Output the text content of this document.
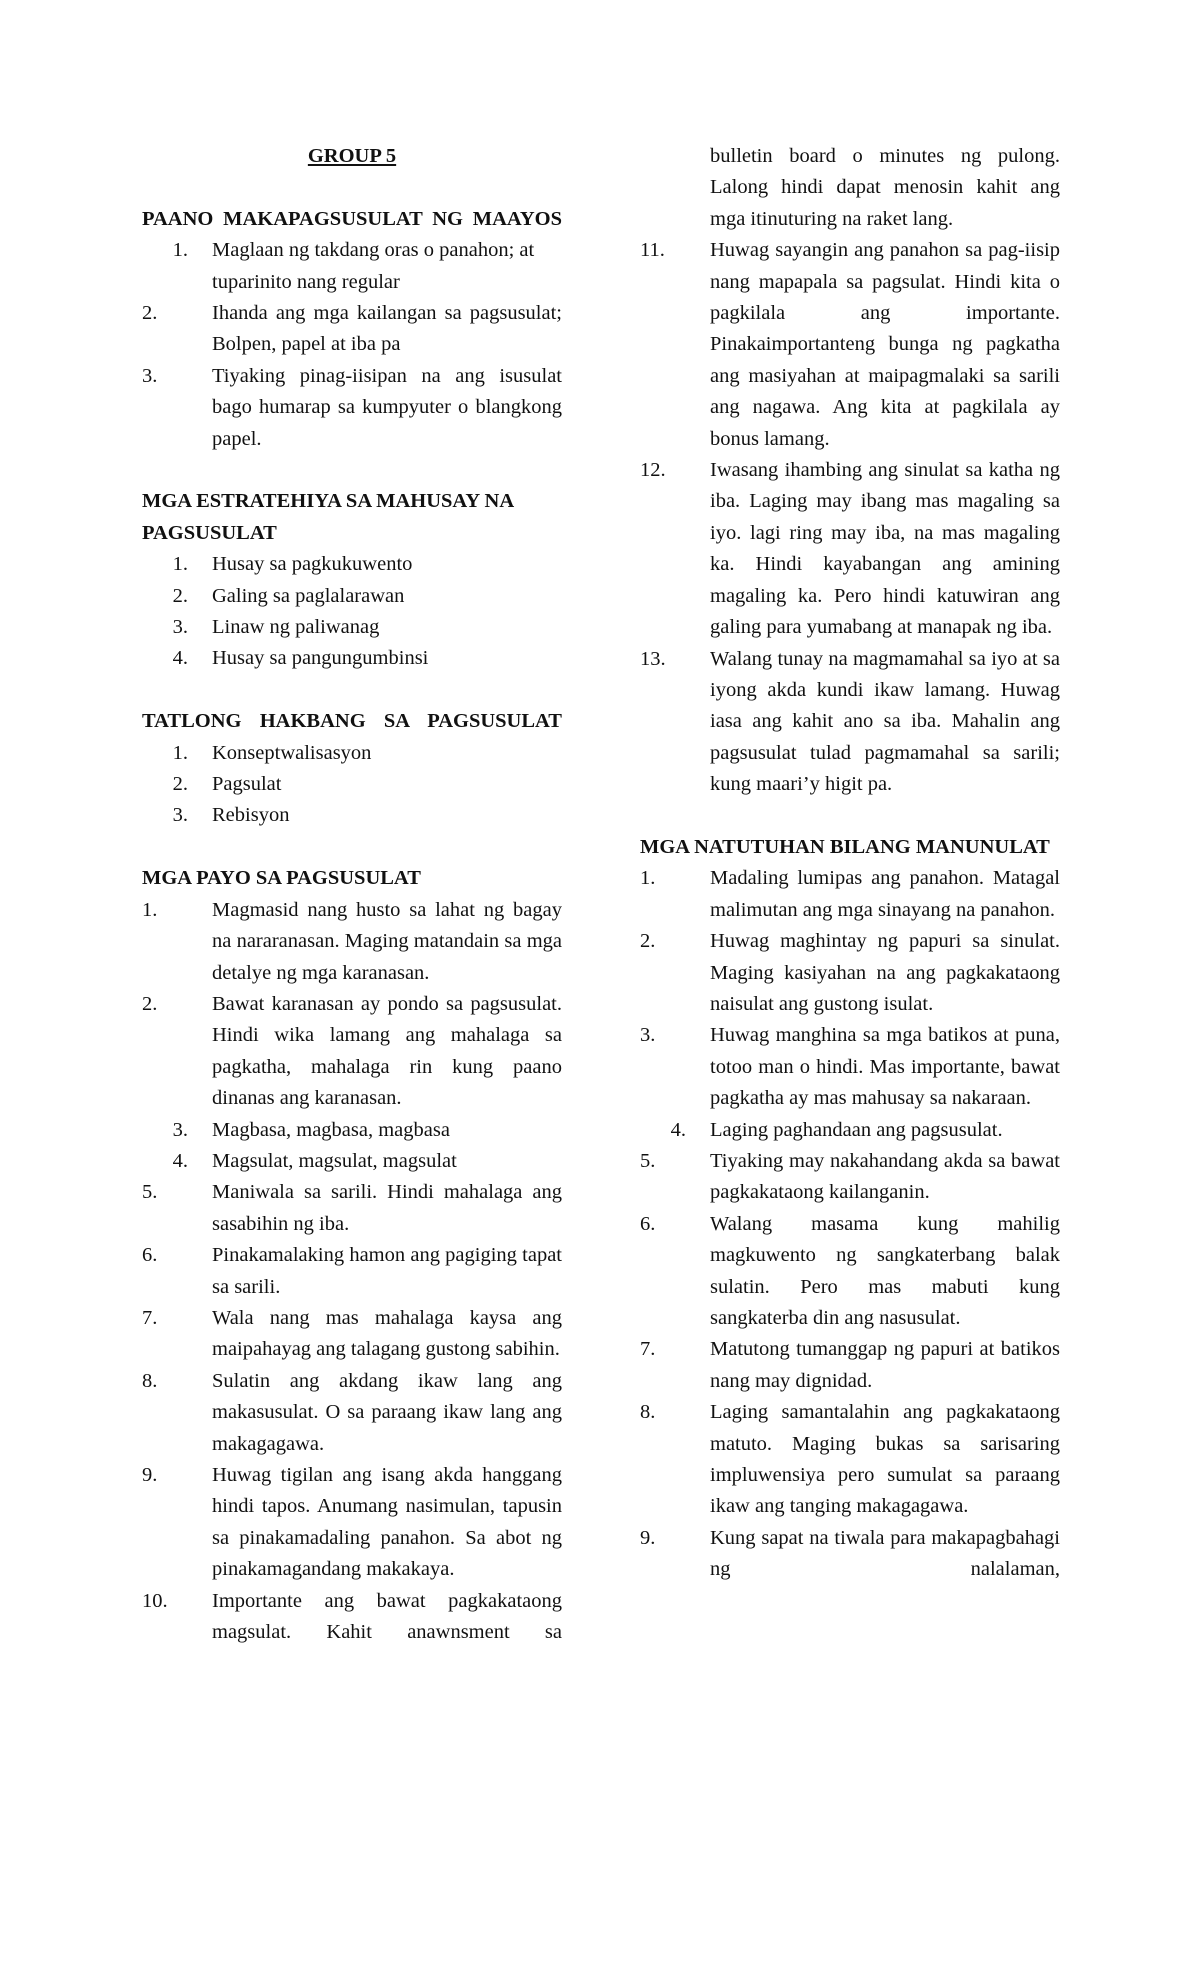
GROUP 5
PAANO MAKAPAGSUSULAT NG MAAYOS
1. Maglaan ng takdang oras o panahon; at tuparinito nang regular
2.	Ihanda ang mga kailangan sa pagsusulat; Bolpen, papel at iba pa
3.	Tiyaking pinag-iisipan na ang isusulat bago humarap sa kumpyuter o blangkong papel.
MGA ESTRATEHIYA SA MAHUSAY NA PAGSUSULAT
1. Husay sa pagkukuwento
2. Galing sa paglalarawan
3. Linaw ng paliwanag
4. Husay sa pangungumbinsi
TATLONG HAKBANG SA PAGSUSULAT
1. Konseptwalisasyon
2. Pagsulat
3. Rebisyon
MGA PAYO SA PAGSUSULAT
1.	Magmasid nang husto sa lahat ng bagay na nararanasan. Maging matandain sa mga detalye ng mga karanasan.
2.	Bawat karanasan ay pondo sa pagsusulat. Hindi wika lamang ang mahalaga sa pagkatha, mahalaga rin kung paano dinanas ang karanasan.
3. Magbasa, magbasa, magbasa
4. Magsulat, magsulat, magsulat
5.	Maniwala sa sarili. Hindi mahalaga ang sasabihin ng iba.
6.	Pinakamalaking hamon ang pagiging tapat sa sarili.
7.	Wala nang mas mahalaga kaysa ang maipahayag ang talagang gustong sabihin.
8.	Sulatin ang akdang ikaw lang ang makasusulat. O sa paraang ikaw lang ang makagagawa.
9.	Huwag tigilan ang isang akda hanggang hindi tapos. Anumang nasimulan, tapusin sa pinakamadaling panahon. Sa abot ng pinakamagandang makakaya.
10.	Importante ang bawat pagkakataong magsulat. Kahit anawnsment sa
bulletin board o minutes ng pulong. Lalong hindi dapat menosin kahit ang mga itinuturing na raket lang.
11.	Huwag sayangin ang panahon sa pag-iisip nang mapapala sa pagsulat. Hindi kita o pagkilala ang importante. Pinakaimportanteng bunga ng pagkatha ang masiyahan at maipagmalaki sa sarili ang nagawa. Ang kita at pagkilala ay bonus lamang.
12.	Iwasang ihambing ang sinulat sa katha ng iba. Laging may ibang mas magaling sa iyo. lagi ring may iba, na mas magaling ka. Hindi kayabangan ang amining magaling ka. Pero hindi katuwiran ang galing para yumabang at manapak ng iba.
13.	Walang tunay na magmamahal sa iyo at sa iyong akda kundi ikaw lamang. Huwag iasa ang kahit ano sa iba. Mahalin ang pagsusulat tulad pagmamahal sa sarili; kung maari’y higit pa.
MGA NATUTUHAN BILANG MANUNULAT
1.	Madaling lumipas ang panahon. Matagal malimutan ang mga sinayang na panahon.
2.	Huwag maghintay ng papuri sa sinulat. Maging kasiyahan na ang pagkakataong naisulat ang gustong isulat.
3.	Huwag manghina sa mga batikos at puna, totoo man o hindi. Mas importante, bawat pagkatha ay mas mahusay sa nakaraan.
4. Laging paghandaan ang pagsusulat.
5.	Tiyaking may nakahandang akda sa bawat pagkakataong kailanganin.
6.	Walang masama kung mahilig magkuwento ng sangkaterbang balak sulatin. Pero mas mabuti kung sangkaterba din ang nasusulat.
7.	Matutong tumanggap ng papuri at batikos nang may dignidad.
8.	Laging samantalahin ang pagkakataong matuto. Maging bukas sa sarisaring impluwensiya pero sumulat sa paraang ikaw ang tanging makagagawa.
9.	Kung sapat na tiwala para makapagbahagi ng nalalaman,
